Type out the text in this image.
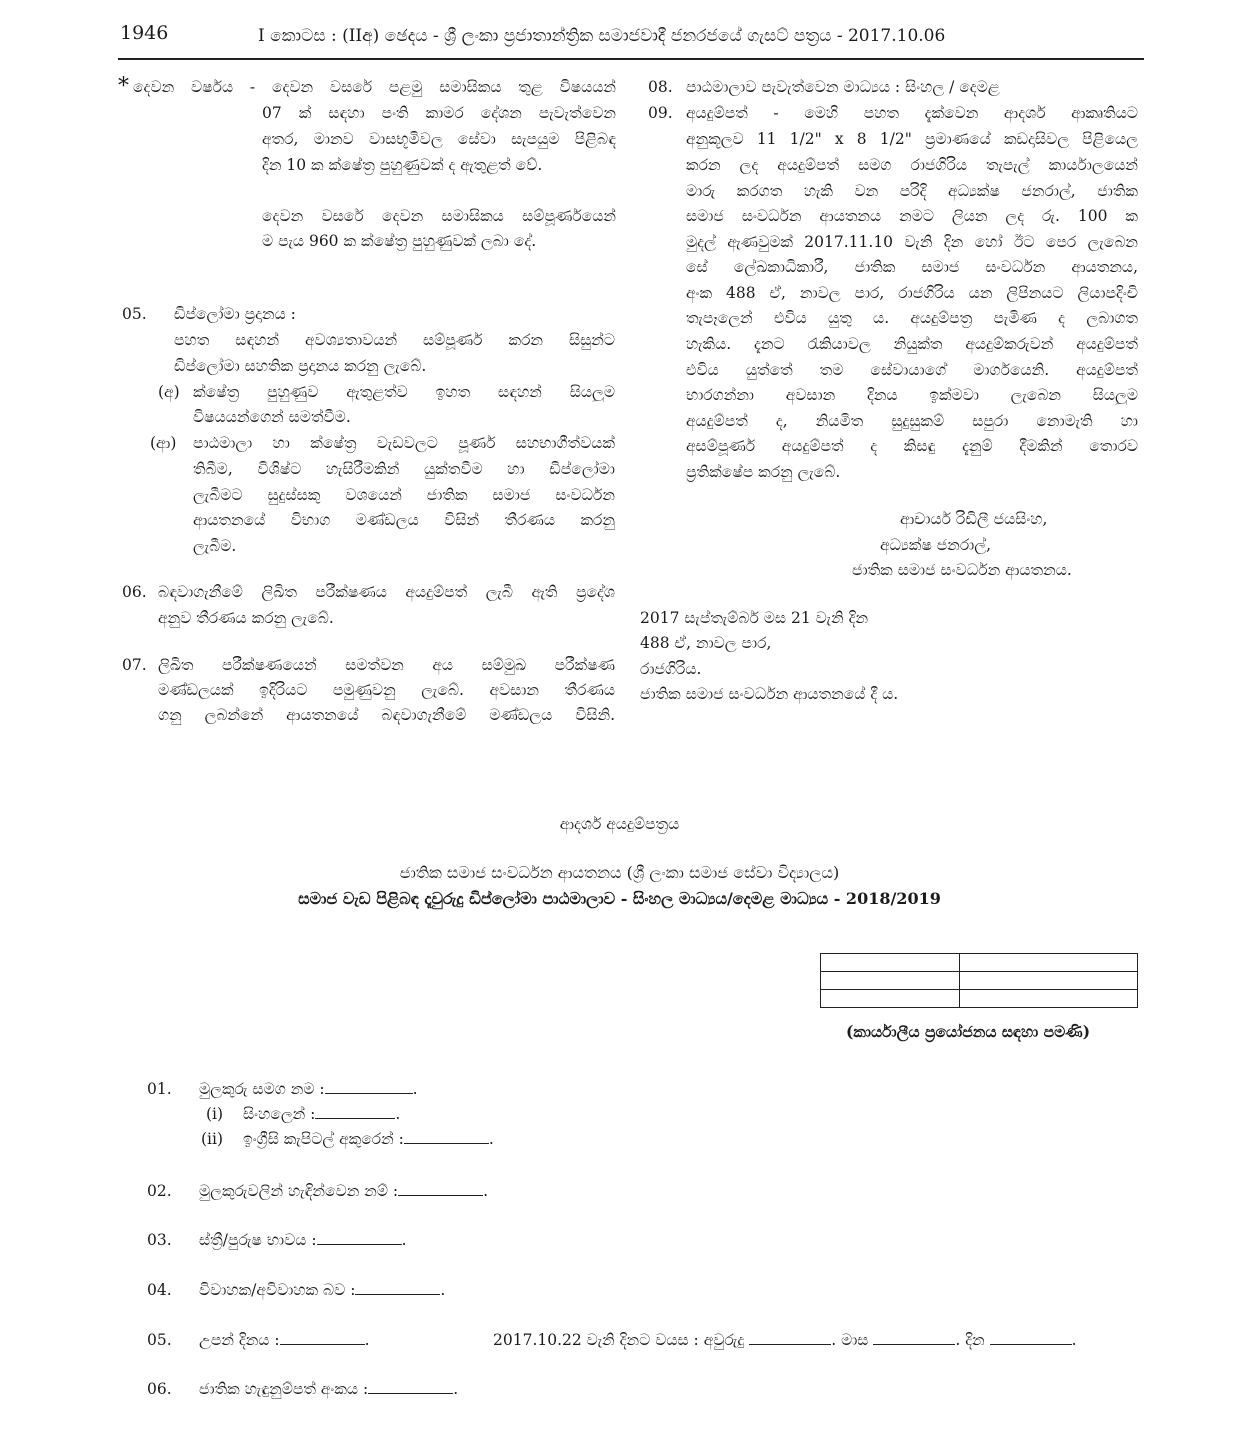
1946	I කොටස : (IIඅ) ඡෙදය - ශ්‍රී ලංකා ප්‍රජාතාන්ත්‍රික සමාජවාදී ජනරජයේ ගැසට් පත්‍රය - 2017.10.06
* දෙවන වර්ෂය - දෙවන වසරේ පළමු සමාසිකය තුළ විෂයයන්
07 ක් සඳහා පංති කාමර දේශන පැවැත්වෙන
අතර, මානව වාසභූමිවල සේවා සැපයුම පිළිබඳ
දින 10 ක ක්ෂේත්‍ර පුහුණුවක් ද ඇතුළත් වේ.
දෙවන වසරේ දෙවන සමාසිකය සම්පූර්ණයෙන්
ම පැය 960 ක ක්ෂේත්‍ර පුහුණුවක් ලබා දේ.
05. ඩිප්ලෝමා ප්‍රදානය :
පහත සඳහන් අවශ්‍යතාවයන් සම්පූර්ණ කරන සිසුන්ට
ඩිප්ලෝමා සහතික ප්‍රදානය කරනු ලැබේ.
(අ) ක්ෂේත්‍ර පුහුණුව ඇතුළත්ව ඉහත සඳහන් සියලුම
විෂයයන්ගෙන් සමත්වීම.
(ආ) පාඨමාලා හා ක්ෂේත්‍ර වැඩවලට පූර්ණ සහභාගීත්වයක්
තිබීම, විශිෂ්ට හැසිරීමකින් යුක්තවීම හා ඩිප්ලෝමා
ලැබීමට සුදුස්සකු වශයෙන් ජාතික සමාජ සංවර්ධන
ආයතනයේ විභාග මණ්ඩලය විසින් තීරණය කරනු
ලැබීම.
06. බඳවාගැනීමේ ලිඛිත පරීක්ෂණය අයදුම්පත් ලැබී ඇති ප්‍රදේශ
අනුව තීරණය කරනු ලැබේ.
07. ලිඛිත පරීක්ෂණයෙන් සමත්වන අය සම්මුඛ පරීක්ෂණ
මණ්ඩලයක් ඉදිරියට පමුණුවනු ලැබේ. අවසාන තීරණය
ගනු ලබන්නේ ආයතනයේ බඳවාගැනීමේ මණ්ඩලය විසිනි.
08. පාඨමාලාව පැවැත්වෙන මාධ්‍යය : සිංහල / දෙමළ
09. අයදුම්පත් - මෙහි පහත දැක්වෙන ආදර්ශ ආකෘතියට
අනුකූලව 11 1/2" x 8 1/2" ප්‍රමාණයේ කඩදාසිවල පිළියෙල
කරන ලද අයදුම්පත් සමග රාජගිරිය තැපැල් කාර්යාලයෙන්
මාරු කරගත හැකි වන පරිදි අධ්‍යක්ෂ ජනරාල්, ජාතික
සමාජ සංවර්ධන ආයතනය නමට ලියන ලද රු. 100 ක
මුදල් ඇණවුමක් 2017.11.10 වැනි දින හෝ ඊට පෙර ලැබෙන
සේ ලේඛකාධිකාරී, ජාතික සමාජ සංවර්ධන ආයතනය,
අංක 488 ඒ, නාවල පාර, රාජගිරිය යන ලිපිනයට ලියාපදිංචි
තැපෑලෙන් එවිය යුතු ය. අයදුම්පත්‍ර පැමිණ ද ලබාගත
හැකිය. දැනට රැකියාවල නියුක්ත අයදුම්කරුවන් අයදුම්පත්
එවිය යුත්තේ තම සේවායාගේ මාර්ගයෙනි. අයදුම්පත්
භාරගන්නා අවසාන දිනය ඉක්මවා ලැබෙන සියලුම
අයදුම්පත් ද, නියමිත සුදුසුකම් සපුරා නොමැති හා
අසම්පූර්ණ අයදුම්පත් ද කිසඳු දැනුම් දීමකින් තොරව
ප්‍රතික්ෂේප කරනු ලැබේ.
ආචාර්ය රිඩිලී ජයසිංහ,
අධ්‍යක්ෂ ජනරාල්,
ජාතික සමාජ සංවර්ධන ආයතනය.
2017 සැප්තැම්බර් මස 21 වැනි දින
488 ඒ, නාවල පාර,
රාජගිරිය.
ජාතික සමාජ සංවර්ධන ආයතනයේ දී ය.
ආදර්ශ අයදුම්පත්‍රය
ජාතික සමාජ සංවර්ධන ආයතනය (ශ්‍රී ලංකා සමාජ සේවා විද්‍යාලය)
සමාජ වැඩ පිළිබඳ දෑවුරුදු ඩිප්ලෝමා පාඨමාලාව - සිංහල මාධ්‍යය/දෙමළ මාධ්‍යය - 2018/2019

(කාර්යාලීය ප්‍රයෝජනය සඳහා පමණි)
01. මුලකුරු සමග නම :	.
(i) සිංහලෙන් :	.
(ii) ඉංග්‍රීසි කැපිටල් අකුරෙන් :	.
02. මුලකුරුවලින් හැඳින්වෙන නම් :	.
03. ස්ත්‍රී/පුරුෂ භාවය :	.
04. විවාහක/අවිවාහක බව :	.
05. උපන් දිනය :	.	2017.10.22 වැනි දිනට වයස : අවුරුදු	. මාස	. දින	.
06. ජාතික හැඳුනුම්පත් අංකය :	.
